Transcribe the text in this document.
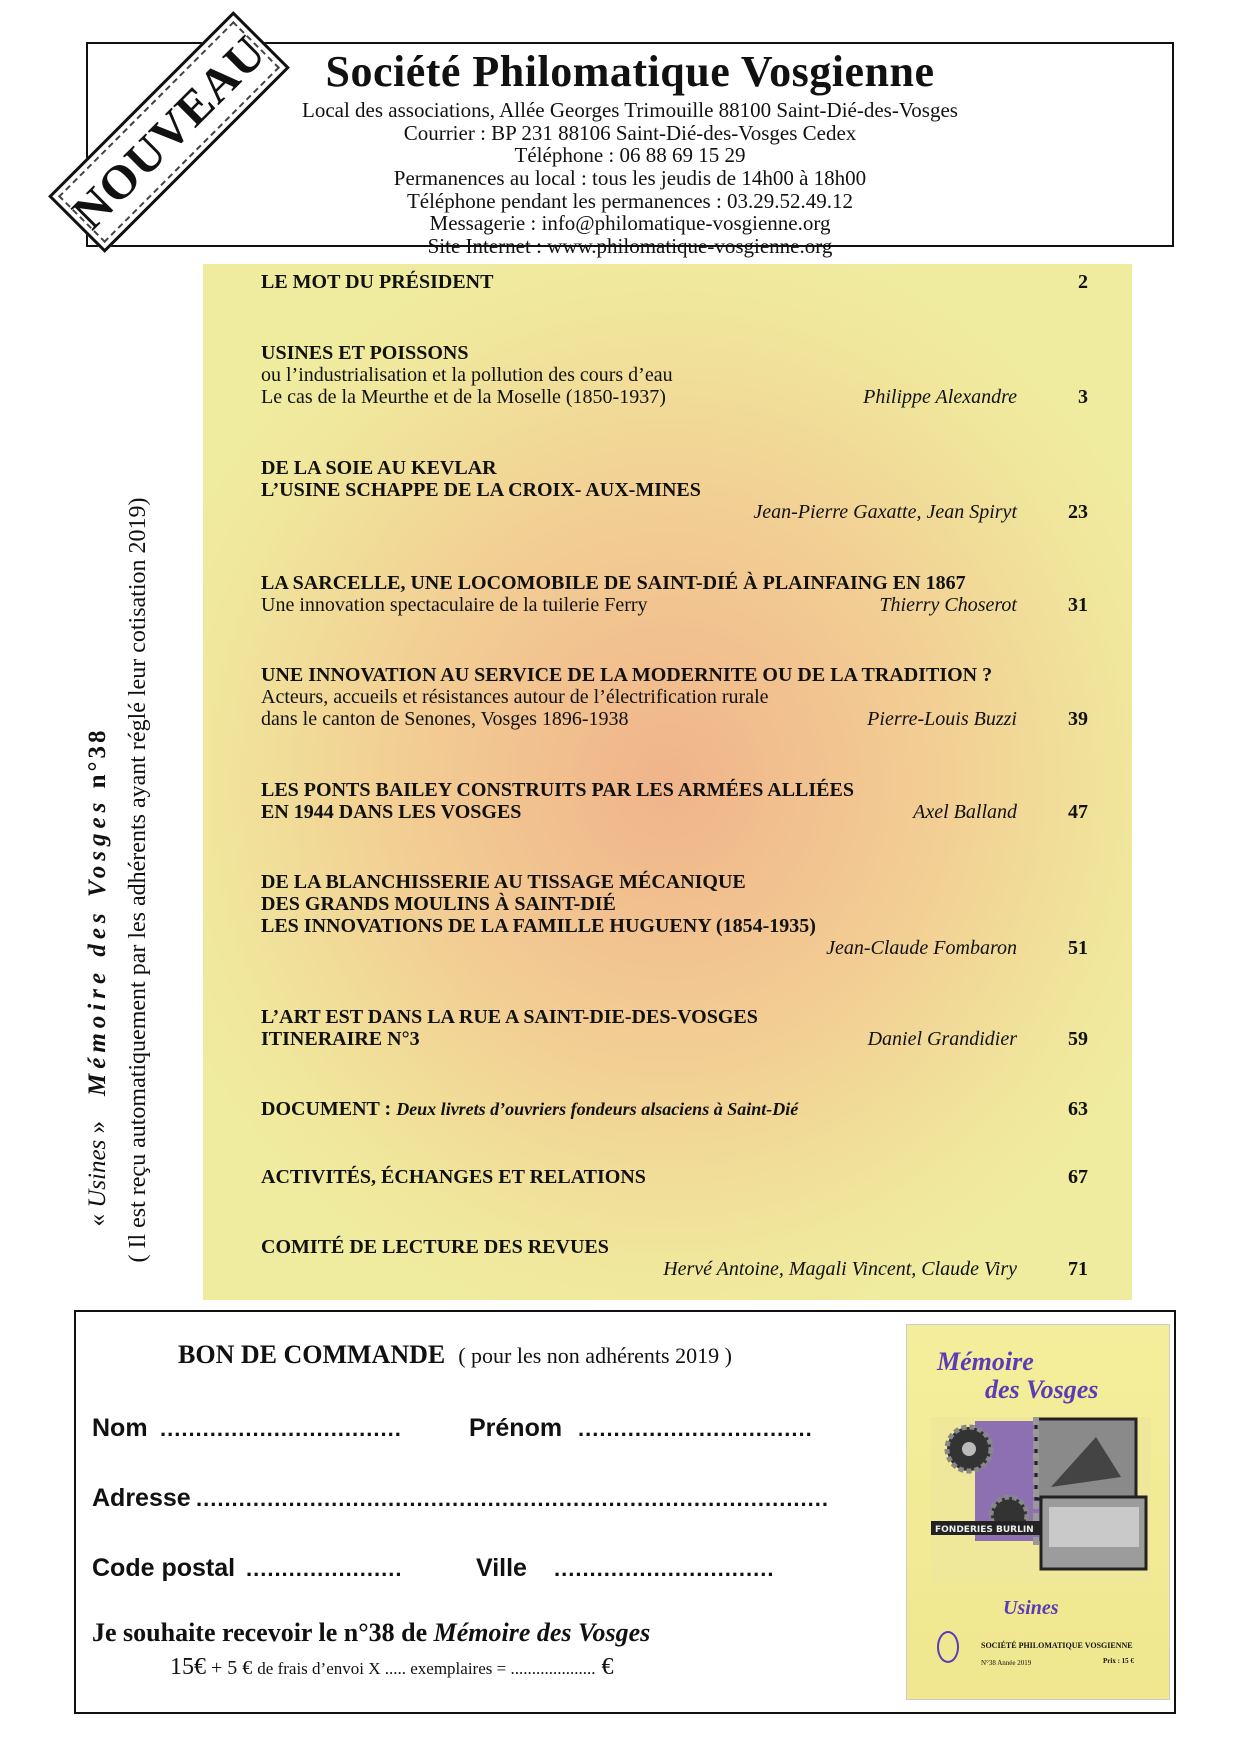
Société Philomatique Vosgienne
Local des associations, Allée Georges Trimouille 88100 Saint-Dié-des-Vosges
Courrier : BP 231 88106 Saint-Dié-des-Vosges Cedex
Téléphone : 06 88 69 15 29
Permanences au local : tous les jeudis de 14h00 à 18h00
Téléphone pendant les permanences : 03.29.52.49.12
Messagerie : info@philomatique-vosgienne.org
Site Internet : www.philomatique-vosgienne.org
NOUVEAU
« Usines »    Mémoire des Vosges n°38 ( Il est reçu automatiquement par les adhérents ayant réglé leur cotisation 2019)
LE MOT DU PRÉSIDENT	2
USINES ET POISSONS
ou l’industrialisation et la pollution des cours d’eau
Le cas de la Meurthe et de la Moselle (1850-1937)	Philippe Alexandre	3
DE LA SOIE AU KEVLAR
L’USINE SCHAPPE DE LA CROIX- AUX-MINES
Jean-Pierre Gaxatte, Jean Spiryt	23
LA SARCELLE, UNE LOCOMOBILE DE SAINT-DIÉ À PLAINFAING EN 1867
Une innovation spectaculaire de la tuilerie Ferry	Thierry Choserot	31
UNE INNOVATION AU SERVICE DE LA MODERNITE OU DE LA TRADITION ?
Acteurs, accueils et résistances autour de l’électrification rurale
dans le canton de Senones, Vosges 1896-1938	Pierre-Louis Buzzi	39
LES PONTS BAILEY CONSTRUITS PAR LES ARMÉES ALLIÉES
EN 1944 DANS LES VOSGES	Axel Balland	47
DE LA BLANCHISSERIE AU TISSAGE MÉCANIQUE
DES GRANDS MOULINS À SAINT-DIÉ
LES INNOVATIONS DE LA FAMILLE HUGUENY (1854-1935)
Jean-Claude Fombaron	51
L’ART EST DANS LA RUE A SAINT-DIE-DES-VOSGES
ITINERAIRE N°3	Daniel Grandidier	59
DOCUMENT : Deux livrets d’ouvriers fondeurs alsaciens à Saint-Dié	63
ACTIVITÉS, ÉCHANGES ET RELATIONS	67
COMITÉ DE LECTURE DES REVUES
Hervé Antoine, Magali Vincent, Claude Viry	71
BON DE COMMANDE ( pour les non adhérents 2019 )
Nom ..................................	Prénom .................................
Adresse .........................................................................................
Code postal ......................	Ville ...............................
Je souhaite recevoir le n°38 de Mémoire des Vosges
15€ + 5 € de frais d’envoi X ..... exemplaires = .................... €
Mémoire
des Vosges
FONDERIES BURLIN
Usines
SOCIÉTÉ PHILOMATIQUE VOSGIENNE
N°38 Année 2019	Prix : 15 €
